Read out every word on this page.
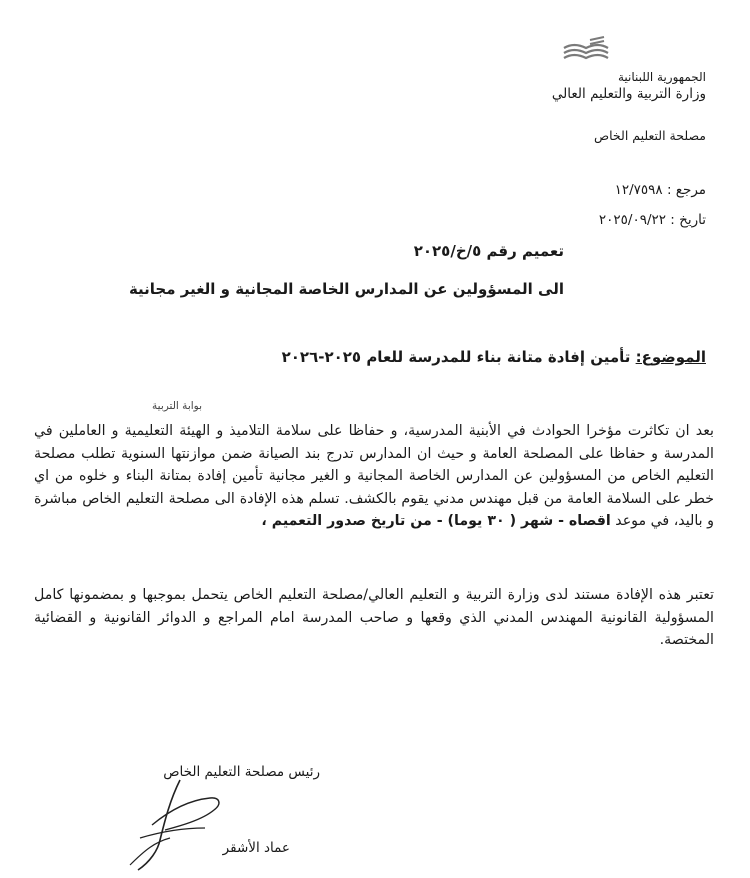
الجمهورية اللبنانية
وزارة التربية والتعليم العالي
مصلحة التعليم الخاص
مرجع : ١٢/٧٥٩٨
تاريخ : ٢٠٢٥/٠٩/٢٢
تعميم رقم ٥/خ/٢٠٢٥
الى المسؤولين عن المدارس الخاصة المجانية و الغير مجانية
الموضوع: تأمين إفادة متانة بناء للمدرسة للعام ٢٠٢٥-٢٠٢٦
بوابة التربية
بعد ان تكاثرت مؤخرا الحوادث في الأبنية المدرسية، و حفاظا على سلامة التلاميذ و الهيئة التعليمية و العاملين في المدرسة و حفاظا على المصلحة العامة و حيث ان المدارس تدرج بند الصيانة ضمن موازنتها السنوية تطلب مصلحة التعليم الخاص من المسؤولين عن المدارس الخاصة المجانية و الغير مجانية تأمين إفادة بمتانة البناء و خلوه من اي خطر على السلامة العامة من قبل مهندس مدني يقوم بالكشف. تسلم هذه الإفادة الى مصلحة التعليم الخاص مباشرة و باليد، في موعد اقصاه - شهر ( ٣٠ يوما) - من تاريخ صدور التعميم ،
تعتبر هذه الإفادة مستند لدى وزارة التربية و التعليم العالي/مصلحة التعليم الخاص يتحمل بموجبها و بمضمونها كامل المسؤولية القانونية المهندس المدني الذي وقعها و صاحب المدرسة امام المراجع و الدوائر القانونية و القضائية المختصة.
رئيس مصلحة التعليم الخاص
عماد الأشقر
